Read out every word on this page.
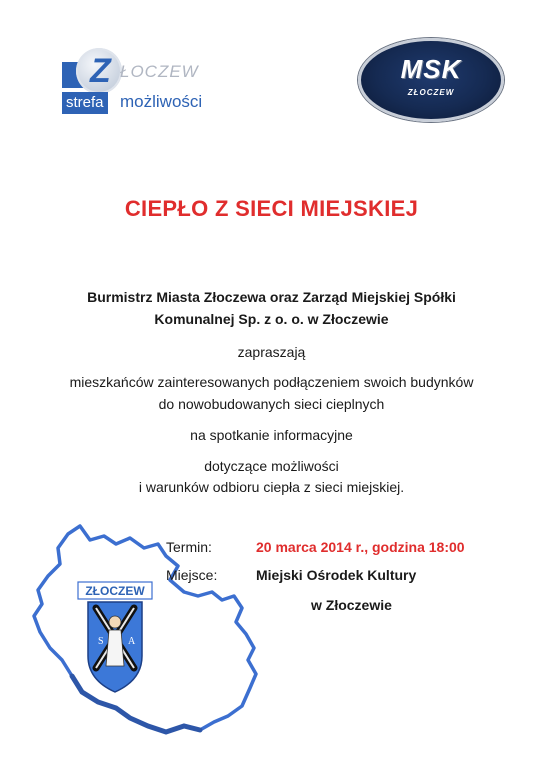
Z ŁOCZEW
strefa możliwości
MSK
ZŁOCZEW
CIEPŁO Z SIECI MIEJSKIEJ
Burmistrz Miasta Złoczewa oraz Zarząd Miejskiej Spółki
Komunalnej Sp. z o. o. w Złoczewie
zapraszają
mieszkańców zainteresowanych podłączeniem swoich budynków
do nowobudowanych sieci cieplnych
na spotkanie informacyjne
dotyczące możliwości
i warunków odbioru ciepła z sieci miejskiej.
ZŁOCZEW
S A
Termin:	20 marca 2014 r., godzina 18:00
Miejsce:	Miejski Ośrodek Kultury
w Złoczewie
